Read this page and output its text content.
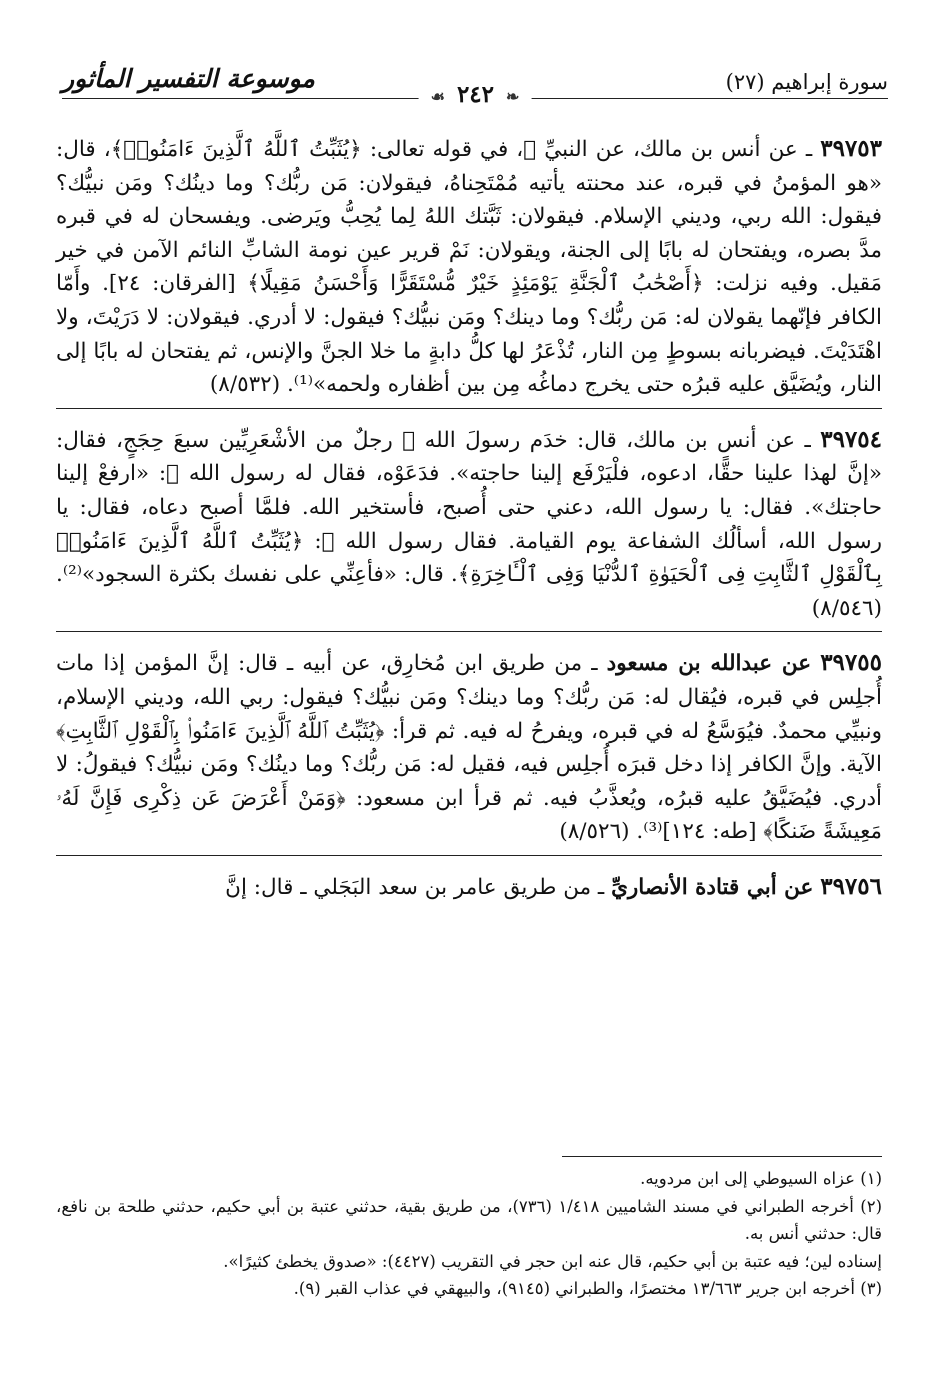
سورة إبراهيم (٢٧)
❧ ٢٤٢ ☙
موسوعة التفسير المأثور

٣٩٧٥٣ ـ عن أنس بن مالك، عن النبيِّ ﷺ، في قوله تعالى: ﴿يُثَبِّتُ ٱللَّهُ ٱلَّذِينَ ءَامَنُوا۟﴾، قال: «هو المؤمنُ في قبره، عند محنته يأتيه مُمْتَحِناهُ، فيقولان: مَن ربُّك؟ وما دينُك؟ ومَن نبيُّك؟ فيقول: الله ربي، وديني الإسلام. فيقولان: ثَبَّتك اللهُ لِما يُحِبُّ ويَرضى. ويفسحان له في قبره مدَّ بصره، ويفتحان له بابًا إلى الجنة، ويقولان: نَمْ قرير عين نومة الشابِّ النائم الآمن في خير مَقيل. وفيه نزلت: ﴿أَصْحَٰبُ ٱلْجَنَّةِ يَوْمَئِذٍ خَيْرٌ مُّسْتَقَرًّا وَأَحْسَنُ مَقِيلًا﴾ [الفرقان: ٢٤]. وأَمّا الكافر فإنّهما يقولان له: مَن ربُّك؟ وما دينك؟ ومَن نبيُّك؟ فيقول: لا أدري. فيقولان: لا دَرَيْتَ، ولا اهْتَدَيْتَ. فيضربانه بسوطٍ مِن النار، تُذْعَرُ لها كلُّ دابةٍ ما خلا الجنَّ والإنس، ثم يفتحان له بابًا إلى النار، ويُضَيَّق عليه قبرُه حتى يخرج دماغُه مِن بين أظفاره ولحمه»⁽¹⁾. (٨/٥٣٢)

٣٩٧٥٤ ـ عن أنس بن مالك، قال: خدَم رسولَ الله ﷺ رجلٌ من الأشْعَرِيِّين سبعَ حِجَجٍ، فقال: «إنَّ لهذا علينا حقًّا، ادعوه، فلْيَرْفَع إلينا حاجته». فدَعَوْه، فقال له رسول الله ﷺ: «ارفعْ إلينا حاجتك». فقال: يا رسول الله، دعني حتى أُصبح، فأستخير الله. فلمَّا أصبح دعاه، فقال: يا رسول الله، أسألُك الشفاعة يوم القيامة. فقال رسول الله ﷺ: ﴿يُثَبِّتُ ٱللَّهُ ٱلَّذِينَ ءَامَنُوا۟ بِٱلْقَوْلِ ٱلثَّابِتِ فِى ٱلْحَيَوٰةِ ٱلدُّنْيَا وَفِى ٱلْـَٔاخِرَةِ﴾. قال: «فأعِنِّي على نفسك بكثرة السجود»⁽²⁾. (٨/٥٤٦)

٣٩٧٥٥ عن عبدالله بن مسعود ـ من طريق ابن مُخارِق، عن أبيه ـ قال: إنَّ المؤمن إذا مات أُجلِس في قبره، فيُقال له: مَن ربُّك؟ وما دينك؟ ومَن نبيُّك؟ فيقول: ربي الله، وديني الإسلام، ونبيِّي محمدٌ. فيُوَسَّعُ له في قبره، ويفرحُ له فيه. ثم قرأ: ﴿يُثَبِّتُ ٱللَّهُ ٱلَّذِينَ ءَامَنُوا۟ بِٱلْقَوْلِ ٱلثَّابِتِ﴾ الآية. وإنَّ الكافر إذا دخل قبرَه أُجلِس فيه، فقيل له: مَن ربُّك؟ وما دينُك؟ ومَن نبيُّك؟ فيقولُ: لا أدري. فيُضَيَّقُ عليه قبرُه، ويُعذَّبُ فيه. ثم قرأ ابن مسعود: ﴿وَمَنْ أَعْرَضَ عَن ذِكْرِى فَإِنَّ لَهُۥ مَعِيشَةً ضَنكًا﴾ [طه: ١٢٤]⁽³⁾. (٨/٥٢٦)

٣٩٧٥٦ عن أبي قتادة الأنصاريِّ ـ من طريق عامر بن سعد البَجَلي ـ قال: إنَّ

(١) عزاه السيوطي إلى ابن مردويه.

(٢) أخرجه الطبراني في مسند الشاميين ١/٤١٨ (٧٣٦)، من طريق بقية، حدثني عتبة بن أبي حكيم، حدثني طلحة بن نافع، قال: حدثني أنس به.

إسناده لين؛ فيه عتبة بن أبي حكيم، قال عنه ابن حجر في التقريب (٤٤٢٧): «صدوق يخطئ كثيرًا».

(٣) أخرجه ابن جرير ١٣/٦٦٣ مختصرًا، والطبراني (٩١٤٥)، والبيهقي في عذاب القبر (٩).
